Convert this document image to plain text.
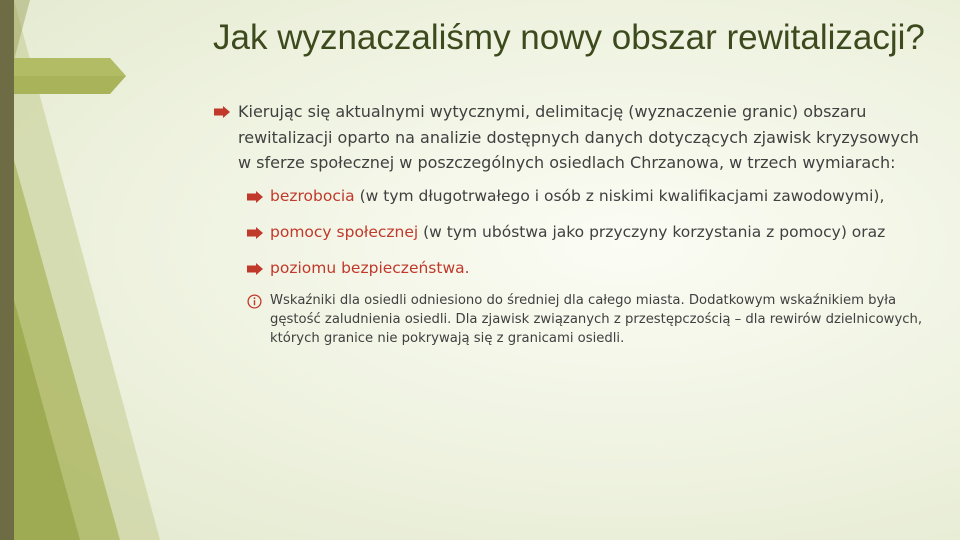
Jak wyznaczaliśmy nowy obszar rewitalizacji?

Kierując się aktualnymi wytycznymi, delimitację (wyznaczenie granic) obszaru rewitalizacji oparto na analizie dostępnych danych dotyczących zjawisk kryzysowych w sferze społecznej w poszczególnych osiedlach Chrzanowa, w trzech wymiarach:

bezrobocia (w tym długotrwałego i osób z niskimi kwalifikacjami zawodowymi),
pomocy społecznej (w tym ubóstwa jako przyczyny korzystania z pomocy) oraz
poziomu bezpieczeństwa.
Wskaźniki dla osiedli odniesiono do średniej dla całego miasta. Dodatkowym wskaźnikiem była gęstość zaludnienia osiedli. Dla zjawisk związanych z przestępczością – dla rewirów dzielnicowych, których granice nie pokrywają się z granicami osiedli.
